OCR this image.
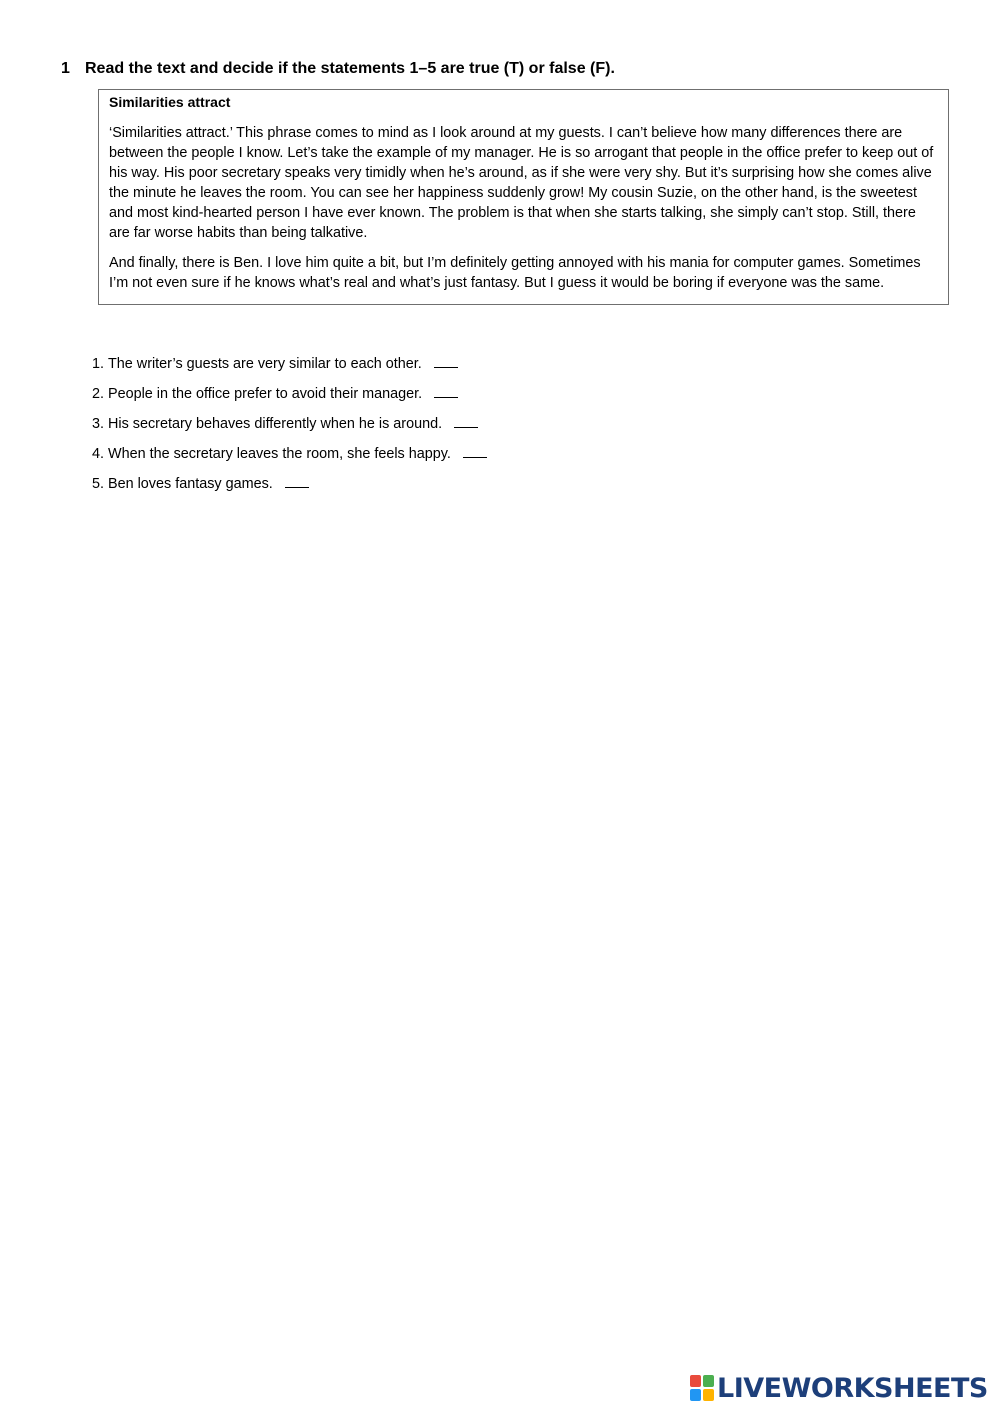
1 Read the text and decide if the statements 1–5 are true (T) or false (F).
Similarities attract

‘Similarities attract.’ This phrase comes to mind as I look around at my guests. I can’t believe how many differences there are between the people I know. Let’s take the example of my manager. He is so arrogant that people in the office prefer to keep out of his way. His poor secretary speaks very timidly when he’s around, as if she were very shy. But it’s surprising how she comes alive the minute he leaves the room. You can see her happiness suddenly grow! My cousin Suzie, on the other hand, is the sweetest and most kind-hearted person I have ever known. The problem is that when she starts talking, she simply can’t stop. Still, there are far worse habits than being talkative.

And finally, there is Ben. I love him quite a bit, but I’m definitely getting annoyed with his mania for computer games. Sometimes I’m not even sure if he knows what’s real and what’s just fantasy. But I guess it would be boring if everyone was the same.

1. The writer’s guests are very similar to each other.
2. People in the office prefer to avoid their manager.
3. His secretary behaves differently when he is around.
4. When the secretary leaves the room, she feels happy.
5. Ben loves fantasy games.
LIVEWORKSHEETS
